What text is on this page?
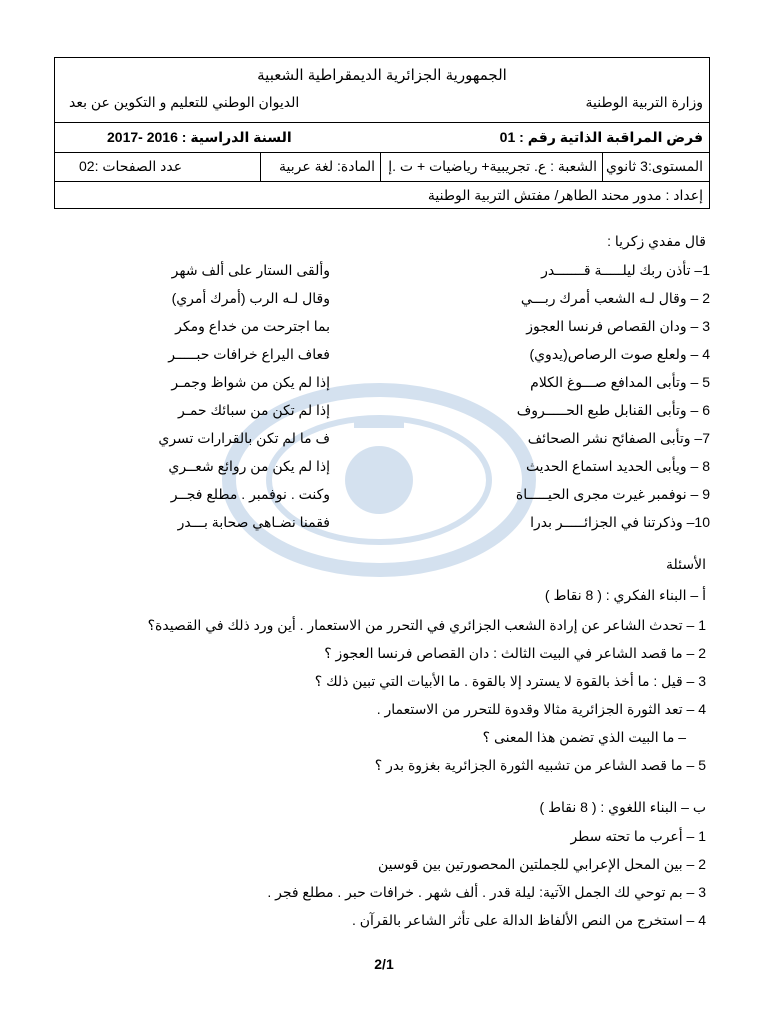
الجمهورية الجزائرية الديمقراطية الشعبية
وزارة التربية الوطنية
الديوان الوطني للتعليم و التكوين عن بعد
فرض المراقبة الذاتية رقم : 01
السنة الدراسية : 2016 -2017
المستوى:3 ثانوي
الشعبة : ع. تجريبية+ رياضيات + ت .إ
المادة: لغة عربية
عدد الصفحات :02
إعداد : مدور محند الطاهر/ مفتش التربية الوطنية
قال مفدي زكريا :
1– تأذن ربك ليلـــــة قـــــــدر
وألقى الستار على ألف شهر
2 – وقال لـه الشعب أمرك ربـــي
وقال لـه الرب (أمرك أمري)
3 – ودان القصاص فرنسا العجوز
بما اجترحت من خداع ومكر
4 – ولعلع صوت الرصاص(يدوي)
فعاف اليراع خرافات حبـــــر
5 – وتأبى المدافع صـــوغ الكلام
إذا لم يكن من شواظ وجمـر
6 – وتأبى القنابل طبع الحـــــروف
إذا لم تكن من سبائك حمـر
7– وتأبى الصفائح نشر الصحائف
ف ما لم تكن بالقرارات تسري
8 – ويأبى الحديد استماع الحديث
إذا لم يكن من روائع شعــري
9 – نوفمبر غيرت مجرى الحيـــــاة
وكنت . نوفمبر . مطلع فجــر
10– وذكرتنا في الجزائـــــر بدرا
فقمنا نضـاهي صحابة بـــدر
الأسئلة
أ – البناء الفكري : ( 8 نقاط )
1 – تحدث الشاعر عن إرادة الشعب الجزائري في التحرر من الاستعمار . أين ورد ذلك في القصيدة؟
2 – ما قصد الشاعر في البيت الثالث : دان القصاص فرنسا العجوز ؟
3 – قيل : ما أخذ بالقوة لا يسترد إلا بالقوة . ما الأبيات التي تبين ذلك ؟
4 – تعد الثورة الجزائرية مثالا وقدوة للتحرر من الاستعمار .
– ما البيت الذي تضمن هذا المعنى ؟
5 – ما قصد الشاعر من تشبيه الثورة الجزائرية بغزوة بدر ؟
ب – البناء اللغوي : ( 8 نقاط )
1 – أعرب ما تحته سطر
2 – بين المحل الإعرابي للجملتين المحصورتين بين قوسين
3 – بم توحي لك الجمل الآتية: ليلة قدر . ألف شهر . خرافات حبر . مطلع فجر .
4 – استخرج من النص الألفاظ الدالة على تأثر الشاعر بالقرآن .
2/1
